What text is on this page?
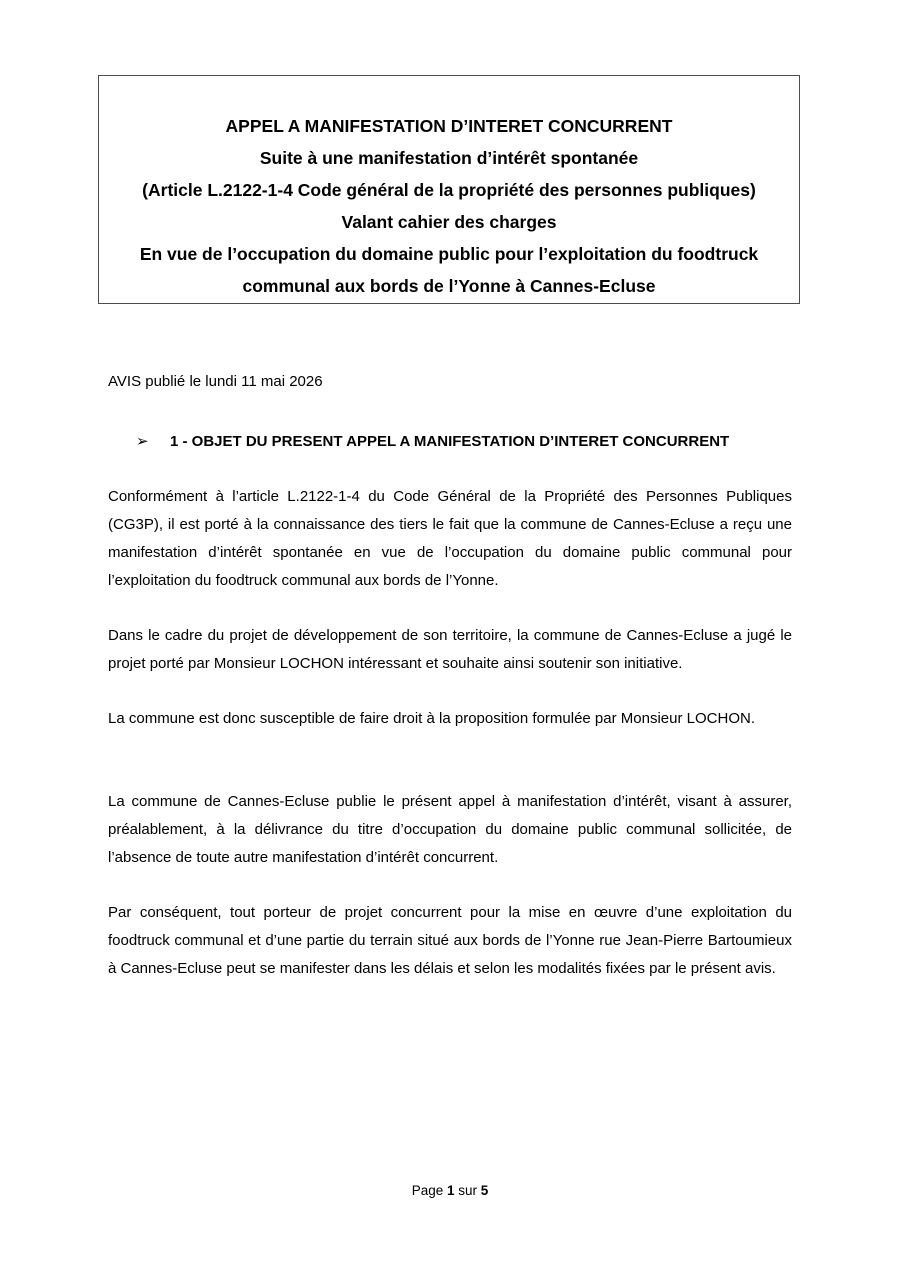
APPEL A MANIFESTATION D’INTERET CONCURRENT
Suite à une manifestation d’intérêt spontanée
(Article L.2122-1-4 Code général de la propriété des personnes publiques)
Valant cahier des charges
En vue de l’occupation du domaine public pour l’exploitation du foodtruck
communal aux bords de l’Yonne à Cannes-Ecluse
AVIS publié le lundi 11 mai 2026
➢ 1 - OBJET DU PRESENT APPEL A MANIFESTATION D’INTERET CONCURRENT

Conformément à l’article L.2122-1-4 du Code Général de la Propriété des Personnes Publiques (CG3P), il est porté à la connaissance des tiers le fait que la commune de Cannes-Ecluse a reçu une manifestation d’intérêt spontanée en vue de l’occupation du domaine public communal pour l’exploitation du foodtruck communal aux bords de l’Yonne.

Dans le cadre du projet de développement de son territoire, la commune de Cannes-Ecluse a jugé le projet porté par Monsieur LOCHON intéressant et souhaite ainsi soutenir son initiative.

La commune est donc susceptible de faire droit à la proposition formulée par Monsieur LOCHON.

La commune de Cannes-Ecluse publie le présent appel à manifestation d’intérêt, visant à assurer, préalablement, à la délivrance du titre d’occupation du domaine public communal sollicitée, de l’absence de toute autre manifestation d’intérêt concurrent.

Par conséquent, tout porteur de projet concurrent pour la mise en œuvre d’une exploitation du foodtruck communal et d’une partie du terrain situé aux bords de l’Yonne rue Jean-Pierre Bartoumieux à Cannes-Ecluse peut se manifester dans les délais et selon les modalités fixées par le présent avis.

Page 1 sur 5
